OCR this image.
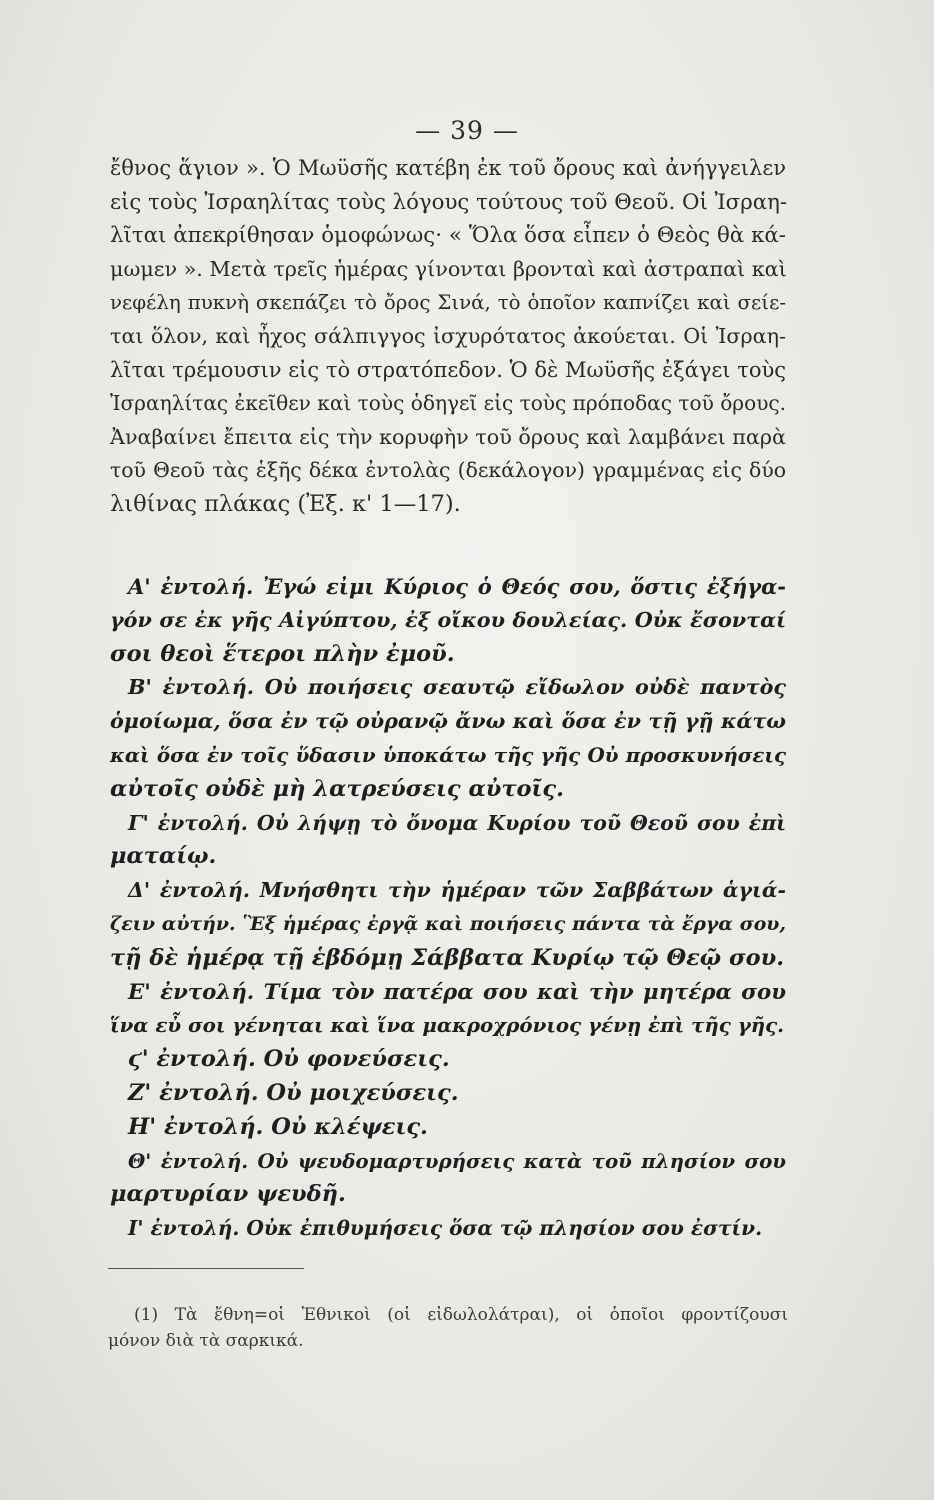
— 39 —
ἔθνος ἅγιον ». Ὁ Μωϋσῆς κατέβη ἐκ τοῦ ὄρους καὶ ἀνήγγειλεν
εἰς τοὺς Ἰσραηλίτας τοὺς λόγους τούτους τοῦ Θεοῦ. Οἱ Ἰσραη-
λῖται ἀπεκρίθησαν ὁμοφώνως· « Ὅλα ὅσα εἶπεν ὁ Θεὸς θὰ κά-
μωμεν ». Μετὰ τρεῖς ἡμέρας γίνονται βρονταὶ καὶ ἀστραπαὶ καὶ
νεφέλη πυκνὴ σκεπάζει τὸ ὄρος Σινά, τὸ ὁποῖον καπνίζει καὶ σείε-
ται ὅλον, καὶ ἦχος σάλπιγγος ἰσχυρότατος ἀκούεται. Οἱ Ἰσραη-
λῖται τρέμουσιν εἰς τὸ στρατόπεδον. Ὁ δὲ Μωϋσῆς ἐξάγει τοὺς
Ἰσραηλίτας ἐκεῖθεν καὶ τοὺς ὁδηγεῖ εἰς τοὺς πρόποδας τοῦ ὄρους.
Ἀναβαίνει ἔπειτα εἰς τὴν κορυφὴν τοῦ ὄρους καὶ λαμβάνει παρὰ
τοῦ Θεοῦ τὰς ἑξῆς δέκα ἐντολὰς (δεκάλογον) γραμμένας εἰς δύο
λιθίνας πλάκας (Ἐξ. κ' 1—17).
Α' ἐντολή. Ἐγώ εἰμι Κύριος ὁ Θεός σου, ὅστις ἐξήγα-
γόν σε ἐκ γῆς Αἰγύπτου, ἐξ οἴκου δουλείας. Οὐκ ἔσονταί
σοι θεοὶ ἕτεροι πλὴν ἐμοῦ.
Β' ἐντολή. Οὐ ποιήσεις σεαυτῷ εἴδωλον οὐδὲ παντὸς
ὁμοίωμα, ὅσα ἐν τῷ οὐρανῷ ἄνω καὶ ὅσα ἐν τῇ γῇ κάτω
καὶ ὅσα ἐν τοῖς ὕδασιν ὑποκάτω τῆς γῆς Οὐ προσκυνήσεις
αὐτοῖς οὐδὲ μὴ λατρεύσεις αὐτοῖς.
Γ' ἐντολή. Οὐ λήψῃ τὸ ὄνομα Κυρίου τοῦ Θεοῦ σου ἐπὶ
ματαίῳ.
Δ' ἐντολή. Μνήσθητι τὴν ἡμέραν τῶν Σαββάτων ἁγιά-
ζειν αὐτήν. Ἓξ ἡμέρας ἐργᾷ καὶ ποιήσεις πάντα τὰ ἔργα σου,
τῇ δὲ ἡμέρᾳ τῇ ἑβδόμῃ Σάββατα Κυρίῳ τῷ Θεῷ σου.
Ε' ἐντολή. Τίμα τὸν πατέρα σου καὶ τὴν μητέρα σου
ἵνα εὖ σοι γένηται καὶ ἵνα μακροχρόνιος γένῃ ἐπὶ τῆς γῆς.
ϛ' ἐντολή. Οὐ φονεύσεις.
Ζ' ἐντολή. Οὐ μοιχεύσεις.
Η' ἐντολή. Οὐ κλέψεις.
Θ' ἐντολή. Οὐ ψευδομαρτυρήσεις κατὰ τοῦ πλησίον σου
μαρτυρίαν ψευδῆ.
Ι' ἐντολή. Οὐκ ἐπιθυμήσεις ὅσα τῷ πλησίον σου ἐστίν.
(1) Τὰ ἔθνη=οἱ Ἐθνικοὶ (οἱ εἰδωλολάτραι), οἱ ὁποῖοι φροντίζουσι
μόνον διὰ τὰ σαρκικά.
